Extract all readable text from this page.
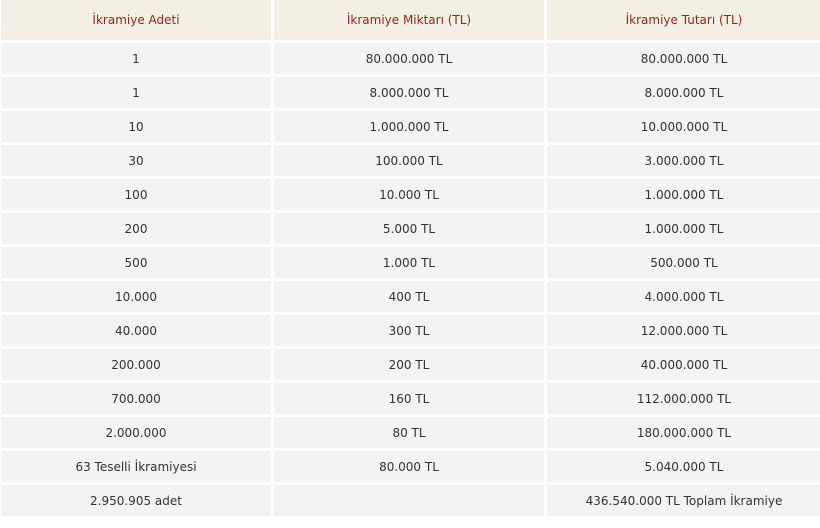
İkramiye Adeti	İkramiye Miktarı (TL)	İkramiye Tutarı (TL)
1	80.000.000 TL	80.000.000 TL
1	8.000.000 TL	8.000.000 TL
10	1.000.000 TL	10.000.000 TL
30	100.000 TL	3.000.000 TL
100	10.000 TL	1.000.000 TL
200	5.000 TL	1.000.000 TL
500	1.000 TL	500.000 TL
10.000	400 TL	4.000.000 TL
40.000	300 TL	12.000.000 TL
200.000	200 TL	40.000.000 TL
700.000	160 TL	112.000.000 TL
2.000.000	80 TL	180.000.000 TL
63 Teselli İkramiyesi	80.000 TL	5.040.000 TL
2.950.905 adet		436.540.000 TL Toplam İkramiye
